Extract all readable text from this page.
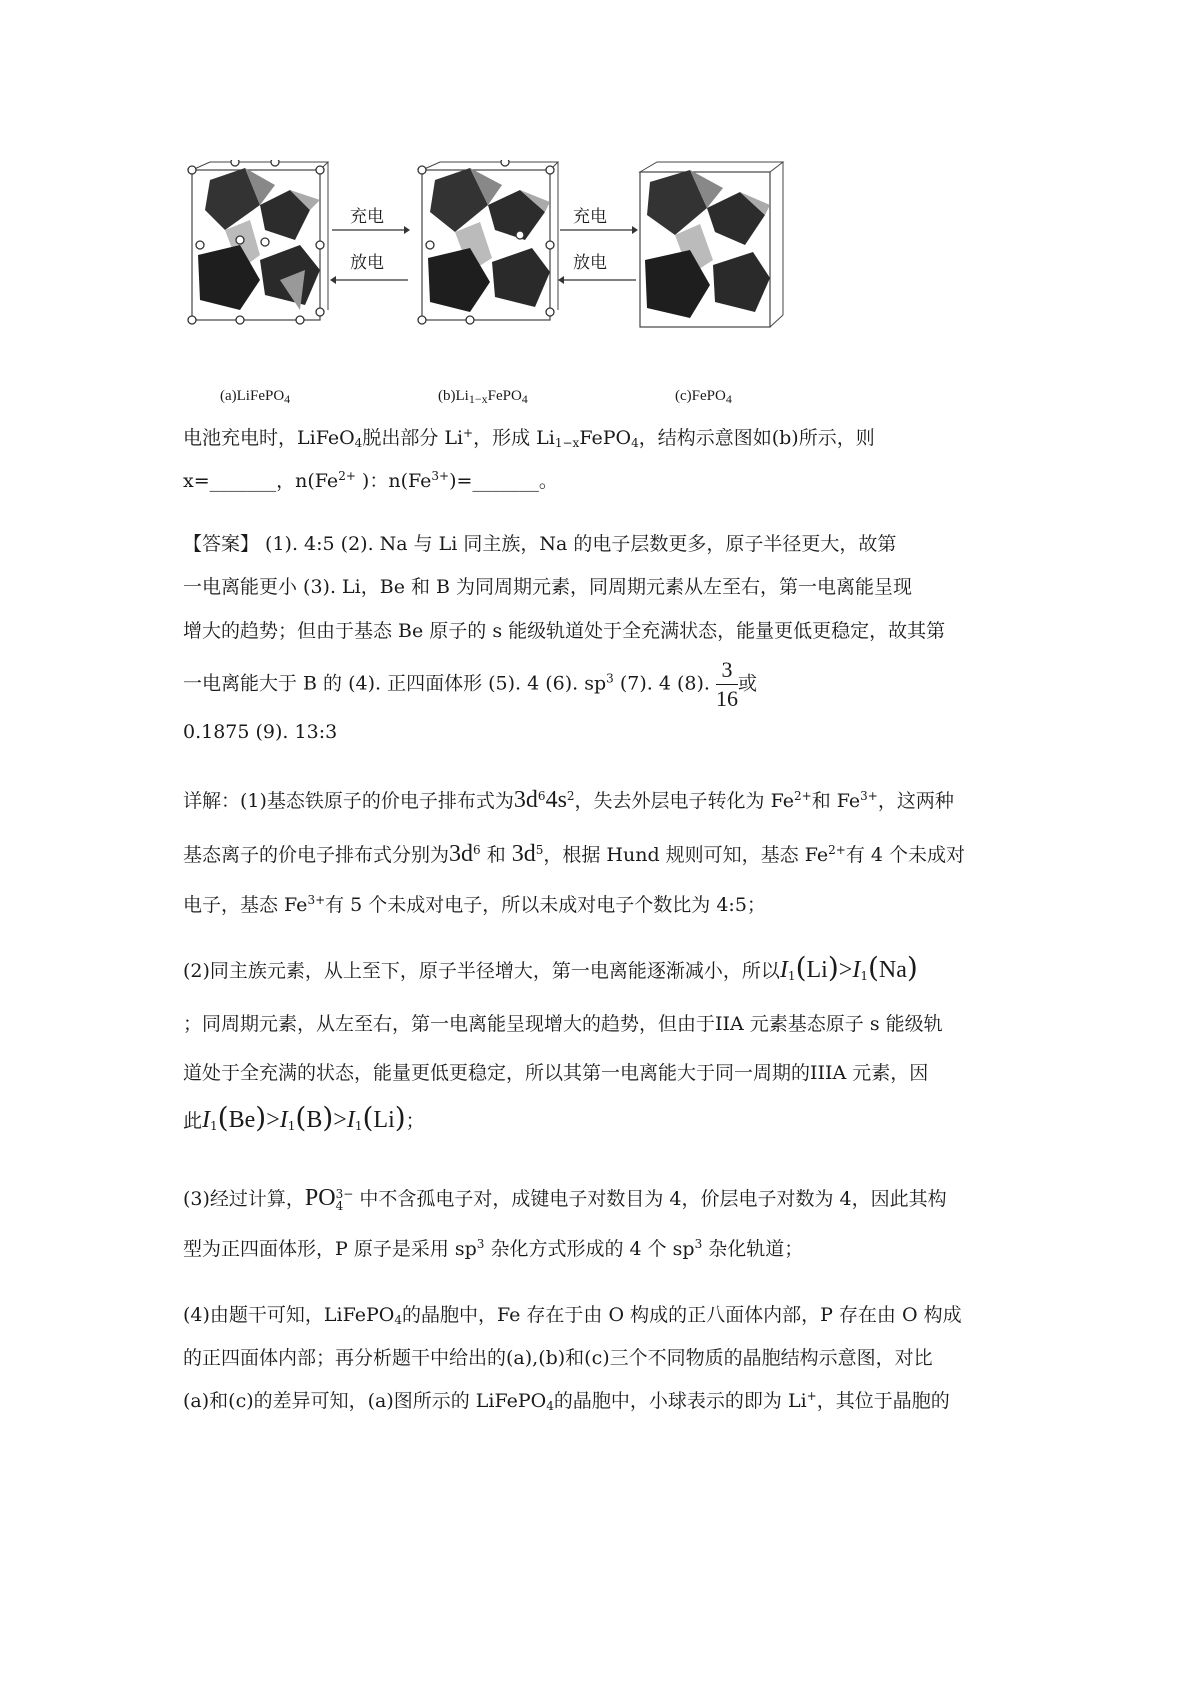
充电
放电
充电
放电
(a)LiFePO$_4$	$(b)Li_{1-x}FePO_4$	(c)FePO$_4$
电池充电时，LiFeO$_4$脱出部分 Li+，形成 $Li_{1-x}FePO_4$，结构示意图如(b)所示，则
x=_______，$n(Fe^{2+}$ )：$n(Fe^{3+})=\_\_\_\_\_\_\_$。
【答案】 (1). 4:5 (2). Na 与 Li 同主族，Na 的电子层数更多，原子半径更大，故第
一电离能更小 (3). Li，Be 和 B 为同周期元素，同周期元素从左至右，第一电离能呈现
增大的趋势；但由于基态 Be 原子的 s 能级轨道处于全充满状态，能量更低更稳定，故其第
一电离能大于 B 的 (4). 正四面体形 (5). 4 (6). $sp^3$ (7). 4 (8). $\frac{3}{16}$ 或
0.1875 (9). 13:3
详解：(1)基态铁原子的价电子排布式为$3d^64s^2$，失去外层电子转化为 $Fe^{2+}$和 $Fe^{3+}$，这两种
基态离子的价电子排布式分别为$3d^6$ 和 $3d^5$，根据 Hund 规则可知，基态 $Fe^{2+}$有 4 个未成对
电子，基态 $Fe^{3+}$有 5 个未成对电子，所以未成对电子个数比为 4:5；
(2)同主族元素，从上至下，原子半径增大，第一电离能逐渐减小，所以$I_1(Li)>I_1(Na)$
；同周期元素，从左至右，第一电离能呈现增大的趋势，但由于IIA 元素基态原子 s 能级轨
道处于全充满的状态，能量更低更稳定，所以其第一电离能大于同一周期的IIIA 元素，因
此$I_1(Be)>I_1(B)>I_1(Li)$；
(3)经过计算，PO 3−
4 中不含孤电子对，成键电子对数目为 4，价层电子对数为 4，因此其构
型为正四面体形，P 原子是采用 $sp^3$ 杂化方式形成的 4 个 $sp^3$ 杂化轨道；
(4)由题干可知，LiFePO$_4$的晶胞中，Fe 存在于由 O 构成的正八面体内部，P 存在由 O 构成
的正四面体内部；再分析题干中给出的(a),(b)和(c)三个不同物质的晶胞结构示意图，对比
(a)和(c)的差异可知，(a)图所示的 LiFePO$_4$的晶胞中，小球表示的即为 Li+，其位于晶胞的
